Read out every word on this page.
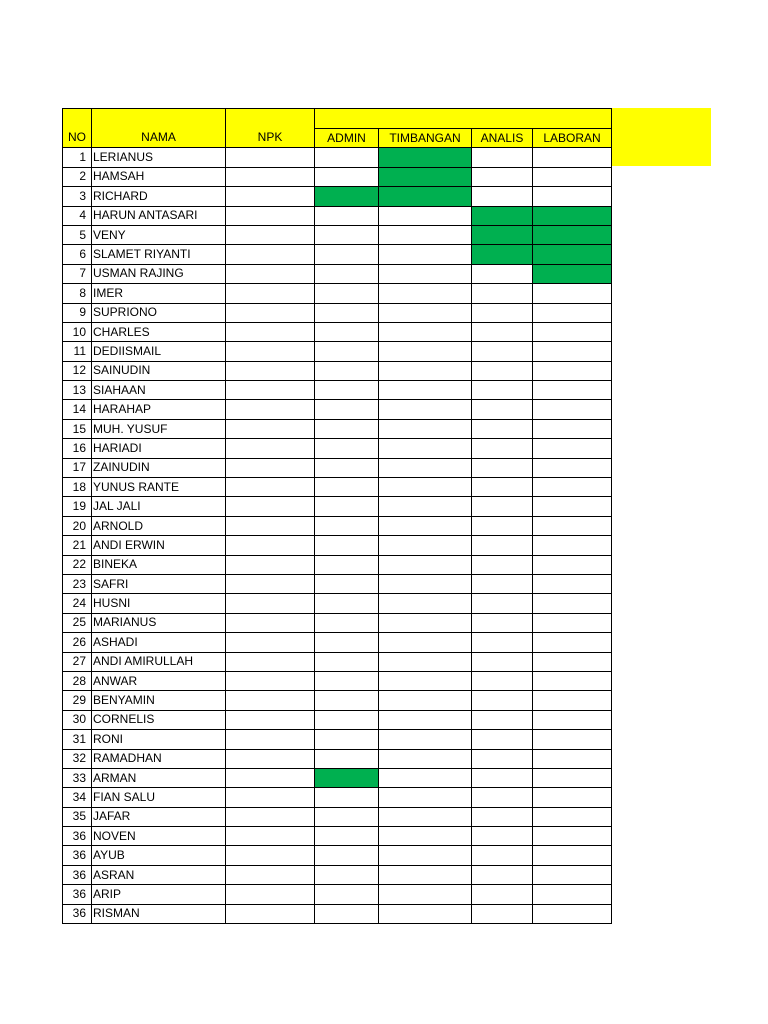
NO	NAMA	NPK				
			ADMIN	TIMBANGAN	ANALIS	LABORAN
1	LERIANUS					
2	HAMSAH					
3	RICHARD					
4	HARUN ANTASARI					
5	VENY					
6	SLAMET RIYANTI					
7	USMAN RAJING					
8	IMER					
9	SUPRIONO					
10	CHARLES					
11	DEDIISMAIL					
12	SAINUDIN					
13	SIAHAAN					
14	HARAHAP					
15	MUH. YUSUF					
16	HARIADI					
17	ZAINUDIN					
18	YUNUS RANTE					
19	JAL JALI					
20	ARNOLD					
21	ANDI ERWIN					
22	BINEKA					
23	SAFRI					
24	HUSNI					
25	MARIANUS					
26	ASHADI					
27	ANDI AMIRULLAH					
28	ANWAR					
29	BENYAMIN					
30	CORNELIS					
31	RONI					
32	RAMADHAN					
33	ARMAN					
34	FIAN SALU					
35	JAFAR					
36	NOVEN					
36	AYUB					
36	ASRAN					
36	ARIP					
36	RISMAN					
